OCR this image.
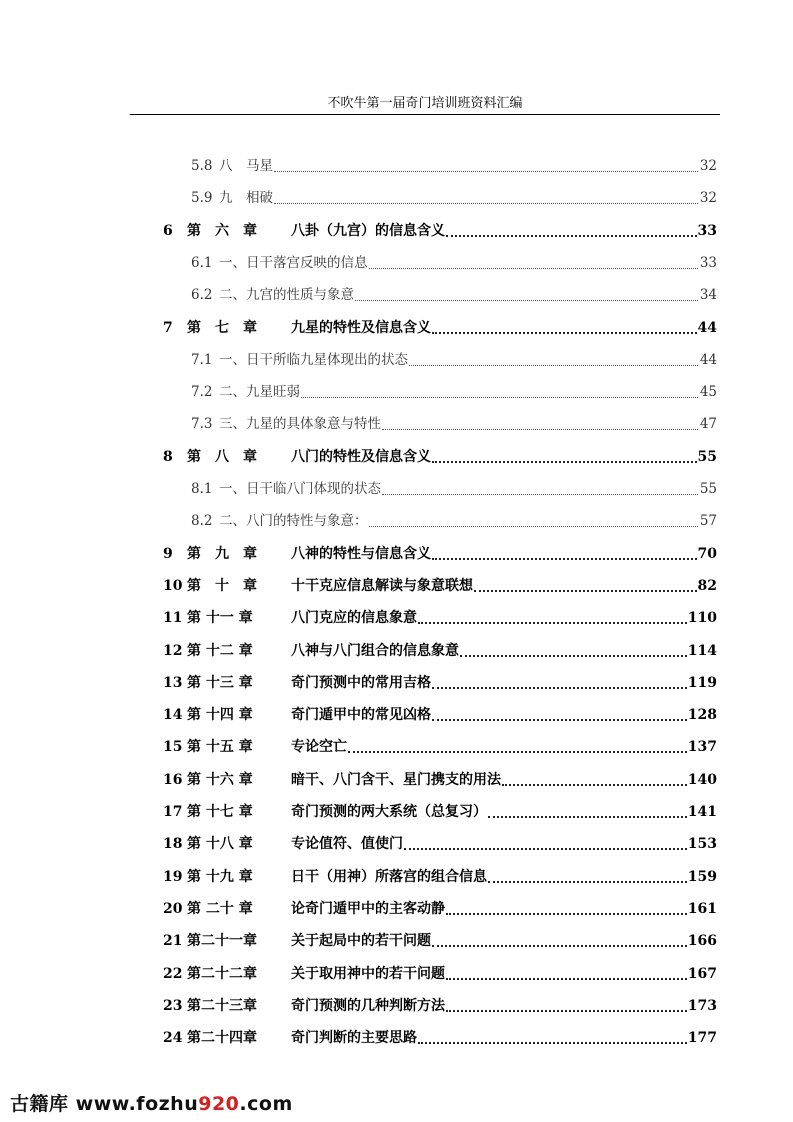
不吹牛第一届奇门培训班资料汇编
5.8 八　马星	32
5.9 九　相破	32
6	第　六　章	八卦（九宫）的信息含义	33
6.1 一、日干落宫反映的信息	33
6.2 二、九宫的性质与象意	34
7	第　七　章	九星的特性及信息含义	44
7.1 一、日干所临九星体现出的状态	44
7.2 二、九星旺弱	45
7.3 三、九星的具体象意与特性	47
8	第　八　章	八门的特性及信息含义	55
8.1 一、日干临八门体现的状态	55
8.2 二、八门的特性与象意：	57
9	第　九　章	八神的特性与信息含义	70
10 第　十　章	十干克应信息解读与象意联想	82
11 第 十一 章	八门克应的信息象意	110
12 第 十二 章	八神与八门组合的信息象意	114
13 第 十三 章	奇门预测中的常用吉格	119
14 第 十四 章	奇门遁甲中的常见凶格	128
15 第 十五 章	专论空亡	137
16 第 十六 章	暗干、八门含干、星门携支的用法	140
17 第 十七 章	奇门预测的两大系统（总复习）	141
18 第 十八 章	专论值符、值使门	153
19 第 十九 章	日干（用神）所落宫的组合信息	159
20 第 二十 章	论奇门遁甲中的主客动静	161
21 第二十一章	关于起局中的若干问题	166
22 第二十二章	关于取用神中的若干问题	167
23 第二十三章	奇门预测的几种判断方法	173
24 第二十四章	奇门判断的主要思路	177
古籍库 www.fozhu920.com
